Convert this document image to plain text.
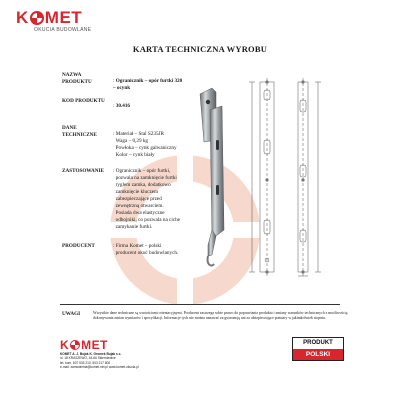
K MET
OKUCIA BUDOWLANE
KARTA TECHNICZNA WYROBU
NAZWA PRODUKTU	: Ogranicznik – opór furtki 320 – ocynk
KOD PRODUKTU
: 30.416
DANE TECHNICZNE	: Materiał – Stal S235JR
Waga – 0,29 kg
Powłoka – cynk galwaniczny
Kolor – cynk biały
ZASTOSOWANIE : Ogranicznik – opór furtki,
pozwala na zamknięcie furtki
ryglem zamka, dodatkowo
zamknięcie kluczem
zabezpieczające przed
zewnętrzną otwarciem.
Posiada dwa elastyczne
odbojniki, co pozwala na ciche
zamykanie furtki.
PRODUCENT	: Firma Komet – polski
producent okuć budowlanych.
UWAGI	Wszystkie dane techniczne są wartościami orientacyjnymi. Producent zastrzega sobie prawo do poprawiania produktu i zmiany warunków technicznych z możliwością dokonywania zmian wymiarów i specyfikacji. Informacje tych nie można uznawać za gwarancję ani za ubezpieczające pomiary w jakimkolwiek stopniu.
K MET
KOMET A. J. Bujak K. Gromek Bujak s.c.
ul. 18 KRASZEWO, 44-66 Skierniewice
tel. kom. 607 533 210, 503 217 800
e-mail: zamowienia@komet.net.pl www.komet-okucia.pl
PRODUKT
POLSKI
